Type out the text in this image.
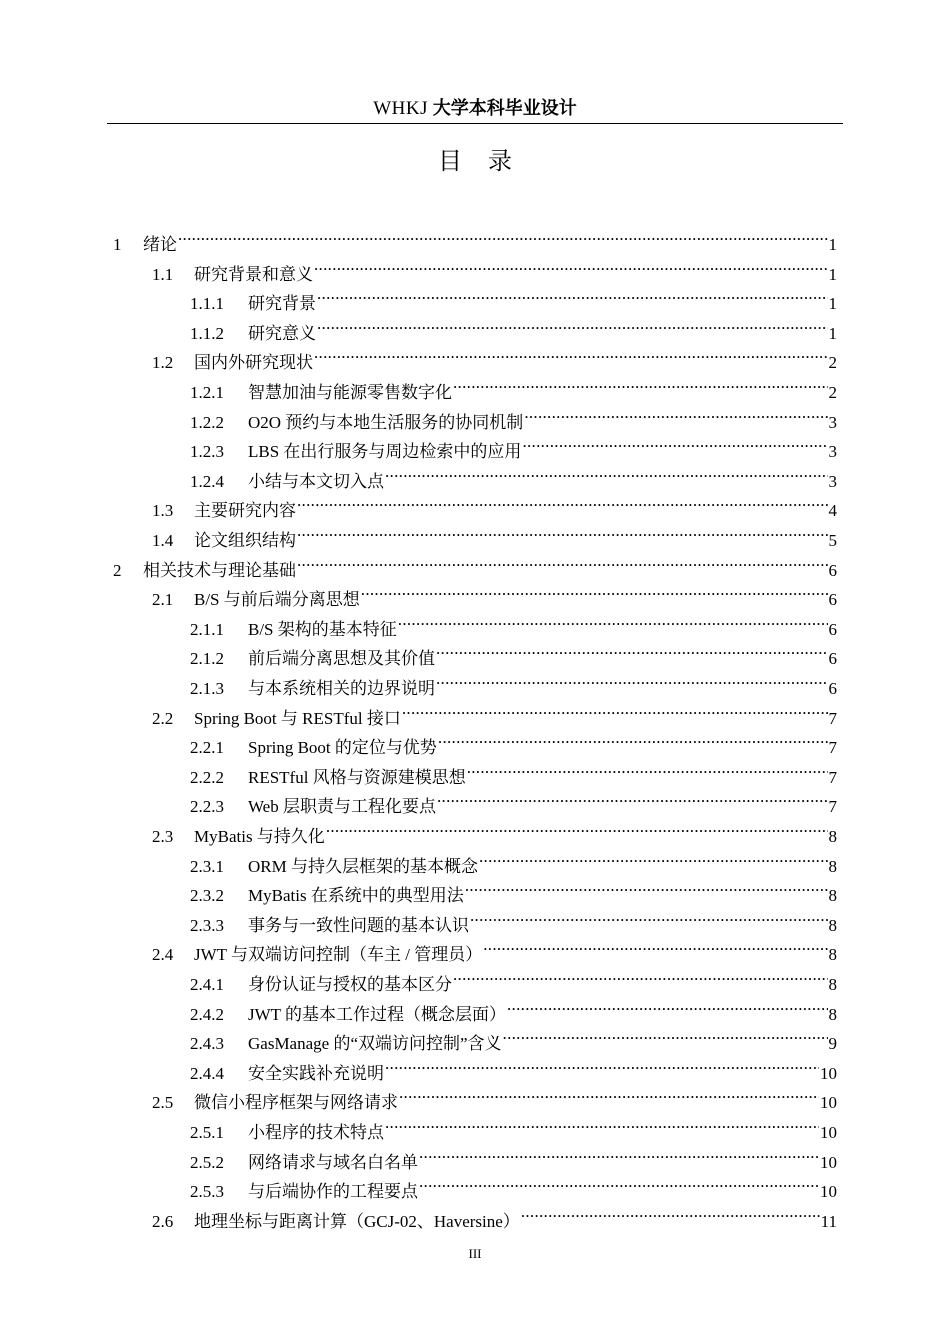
WHKJ 大学本科毕业设计
目 录
1	绪论 .....	1
1.1	研究背景和意义 .....	1
1.1.1	研究背景 .....	1
1.1.2	研究意义 .....	1
1.2	国内外研究现状 .....	2
1.2.1	智慧加油与能源零售数字化 .....	2
1.2.2	O2O 预约与本地生活服务的协同机制 .....	3
1.2.3	LBS 在出行服务与周边检索中的应用 .....	3
1.2.4	小结与本文切入点 .....	3
1.3	主要研究内容 .....	4
1.4	论文组织结构 .....	5
2	相关技术与理论基础 .....	6
2.1	B/S 与前后端分离思想 .....	6
2.1.1	B/S 架构的基本特征 .....	6
2.1.2	前后端分离思想及其价值 .....	6
2.1.3	与本系统相关的边界说明 .....	6
2.2	Spring Boot 与 RESTful 接口 .....	7
2.2.1	Spring Boot 的定位与优势 .....	7
2.2.2	RESTful 风格与资源建模思想 .....	7
2.2.3	Web 层职责与工程化要点 .....	7
2.3	MyBatis 与持久化 .....	8
2.3.1	ORM 与持久层框架的基本概念 .....	8
2.3.2	MyBatis 在系统中的典型用法 .....	8
2.3.3	事务与一致性问题的基本认识 .....	8
2.4	JWT 与双端访问控制（车主 / 管理员） .....	8
2.4.1	身份认证与授权的基本区分 .....	8
2.4.2	JWT 的基本工作过程（概念层面） .....	8
2.4.3	GasManage 的“双端访问控制”含义 .....	9
2.4.4	安全实践补充说明 .....	10
2.5	微信小程序框架与网络请求 .....	10
2.5.1	小程序的技术特点 .....	10
2.5.2	网络请求与域名白名单 .....	10
2.5.3	与后端协作的工程要点 .....	10
2.6	地理坐标与距离计算（GCJ-02、Haversine） .....	11
III
